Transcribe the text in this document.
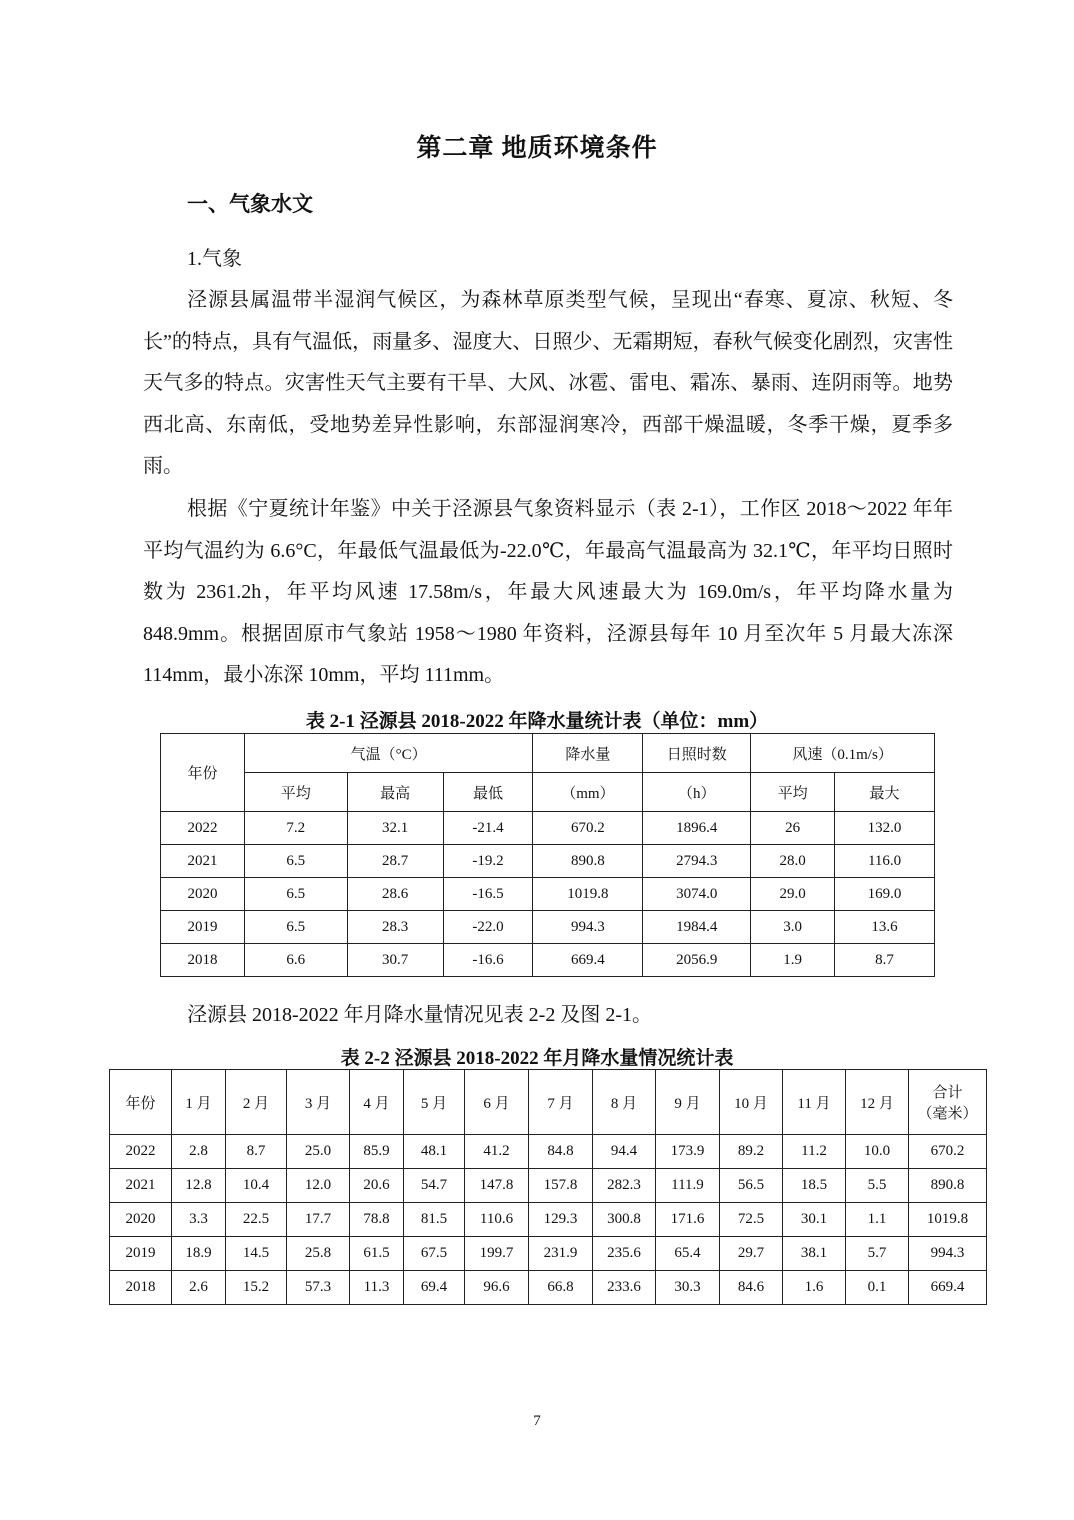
第二章 地质环境条件
一、气象水文
1.气象

泾源县属温带半湿润气候区，为森林草原类型气候，呈现出“春寒、夏凉、秋短、冬长”的特点，具有气温低，雨量多、湿度大、日照少、无霜期短，春秋气候变化剧烈，灾害性天气多的特点。灾害性天气主要有干旱、大风、冰雹、雷电、霜冻、暴雨、连阴雨等。地势西北高、东南低，受地势差异性影响，东部湿润寒冷，西部干燥温暖，冬季干燥，夏季多雨。

根据《宁夏统计年鉴》中关于泾源县气象资料显示（表 2-1），工作区 2018～2022 年年平均气温约为 6.6°C，年最低气温最低为-22.0℃，年最高气温最高为 32.1℃，年平均日照时数为 2361.2h，年平均风速 17.58m/s，年最大风速最大为 169.0m/s，年平均降水量为 848.9mm。根据固原市气象站 1958～1980 年资料，泾源县每年 10 月至次年 5 月最大冻深 114mm，最小冻深 10mm，平均 111mm。

表 2-1 泾源县 2018-2022 年降水量统计表（单位：mm）
年份	气温（°C）			降水量	日照时数	风速（0.1m/s）	
	平均	最高	最低	（mm）	（h）	平均	最大
2022	7.2	32.1	-21.4	670.2	1896.4	26	132.0
2021	6.5	28.7	-19.2	890.8	2794.3	28.0	116.0
2020	6.5	28.6	-16.5	1019.8	3074.0	29.0	169.0
2019	6.5	28.3	-22.0	994.3	1984.4	3.0	13.6
2018	6.6	30.7	-16.6	669.4	2056.9	1.9	8.7

泾源县 2018-2022 年月降水量情况见表 2-2 及图 2-1。

表 2-2 泾源县 2018-2022 年月降水量情况统计表
年份	1 月	2 月	3 月	4 月	5 月	6 月	7 月	8 月	9 月	10 月	11 月	12 月	合计
（毫米）

2022	2.8	8.7	25.0	85.9	48.1	41.2	84.8	94.4	173.9	89.2	11.2	10.0	670.2
2021	12.8	10.4	12.0	20.6	54.7	147.8	157.8	282.3	111.9	56.5	18.5	5.5	890.8
2020	3.3	22.5	17.7	78.8	81.5	110.6	129.3	300.8	171.6	72.5	30.1	1.1	1019.8
2019	18.9	14.5	25.8	61.5	67.5	199.7	231.9	235.6	65.4	29.7	38.1	5.7	994.3
2018	2.6	15.2	57.3	11.3	69.4	96.6	66.8	233.6	30.3	84.6	1.6	0.1	669.4
7
